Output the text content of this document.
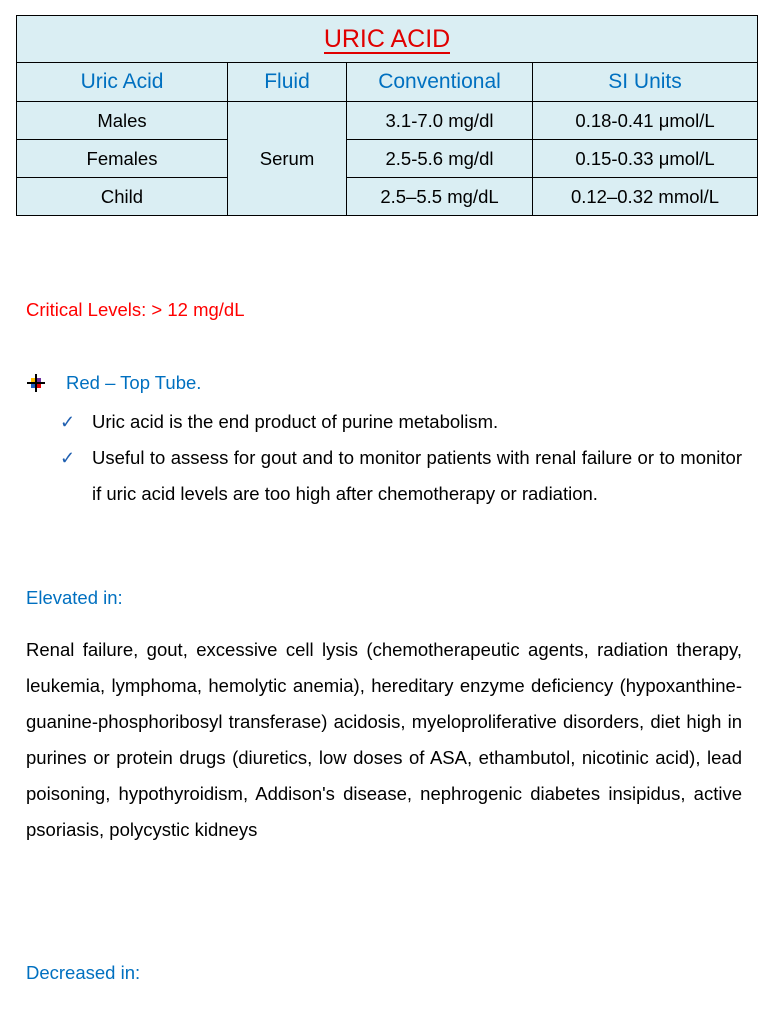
URIC ACID			
Uric Acid	Fluid	Conventional	SI Units
Males	Serum	3.1-7.0 mg/dl	0.18-0.41 μmol/L
Females		2.5-5.6 mg/dl	0.15-0.33 μmol/L
Child		2.5–5.5 mg/dL	0.12–0.32 mmol/L
Critical Levels: > 12 mg/dL
Red – Top Tube.
✓ Uric acid is the end product of purine metabolism.
✓ Useful to assess for gout and to monitor patients with renal failure or to monitor if uric acid levels are too high after chemotherapy or radiation.
Elevated in:
Renal failure, gout, excessive cell lysis (chemotherapeutic agents, radiation therapy, leukemia, lymphoma, hemolytic anemia), hereditary enzyme deficiency (hypoxanthine-guanine-phosphoribosyl transferase) acidosis, myeloproliferative disorders, diet high in purines or protein drugs (diuretics, low doses of ASA, ethambutol, nicotinic acid), lead poisoning, hypothyroidism, Addison's disease, nephrogenic diabetes insipidus, active psoriasis, polycystic kidneys
Decreased in:
